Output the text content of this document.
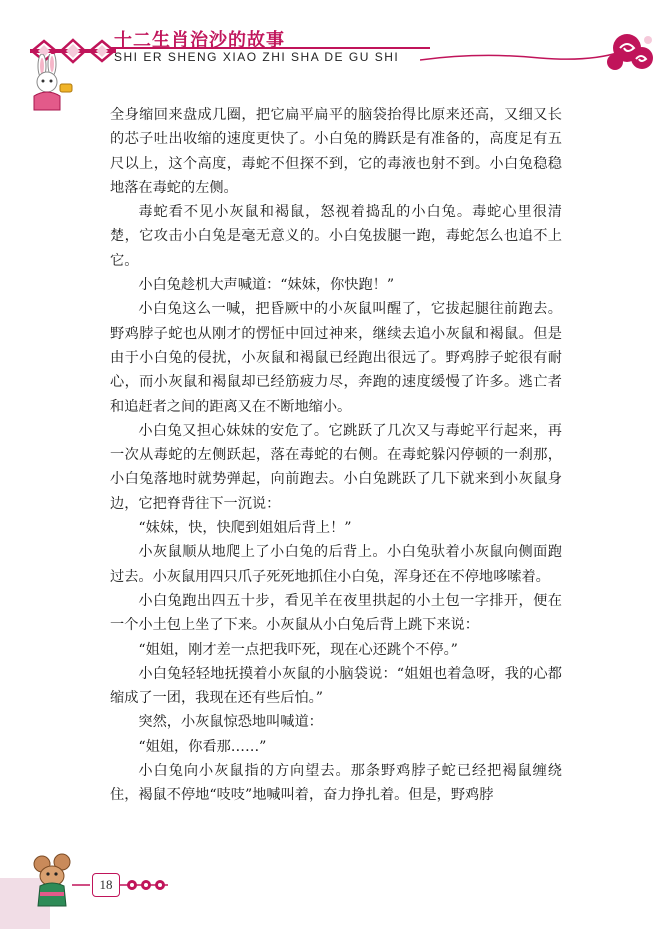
十二生肖治沙的故事
SHI ER SHENG XIAO ZHI SHA DE GU SHI

全身缩回来盘成几圈，把它扁平扁平的脑袋抬得比原来还高，又细又长的芯子吐出收缩的速度更快了。小白兔的腾跃是有准备的，高度足有五尺以上，这个高度，毒蛇不但探不到，它的毒液也射不到。小白兔稳稳地落在毒蛇的左侧。

毒蛇看不见小灰鼠和褐鼠，怒视着捣乱的小白兔。毒蛇心里很清楚，它攻击小白兔是毫无意义的。小白兔拔腿一跑，毒蛇怎么也追不上它。

小白兔趁机大声喊道：“妹妹，你快跑！”

小白兔这么一喊，把昏厥中的小灰鼠叫醒了，它拔起腿往前跑去。野鸡脖子蛇也从刚才的愣怔中回过神来，继续去追小灰鼠和褐鼠。但是由于小白兔的侵扰，小灰鼠和褐鼠已经跑出很远了。野鸡脖子蛇很有耐心，而小灰鼠和褐鼠却已经筋疲力尽，奔跑的速度缓慢了许多。逃亡者和追赶者之间的距离又在不断地缩小。

小白兔又担心妹妹的安危了。它跳跃了几次又与毒蛇平行起来，再一次从毒蛇的左侧跃起，落在毒蛇的右侧。在毒蛇躲闪停顿的一刹那，小白兔落地时就势弹起，向前跑去。小白兔跳跃了几下就来到小灰鼠身边，它把脊背往下一沉说：

“妹妹，快，快爬到姐姐后背上！”

小灰鼠顺从地爬上了小白兔的后背上。小白兔驮着小灰鼠向侧面跑过去。小灰鼠用四只爪子死死地抓住小白兔，浑身还在不停地哆嗦着。

小白兔跑出四五十步，看见羊在夜里拱起的小土包一字排开，便在一个小土包上坐了下来。小灰鼠从小白兔后背上跳下来说：

“姐姐，刚才差一点把我吓死，现在心还跳个不停。”

小白兔轻轻地抚摸着小灰鼠的小脑袋说：“姐姐也着急呀，我的心都缩成了一团，我现在还有些后怕。”

突然，小灰鼠惊恐地叫喊道：

“姐姐，你看那……”

小白兔向小灰鼠指的方向望去。那条野鸡脖子蛇已经把褐鼠缠绕住，褐鼠不停地“吱吱”地喊叫着，奋力挣扎着。但是，野鸡脖

18
